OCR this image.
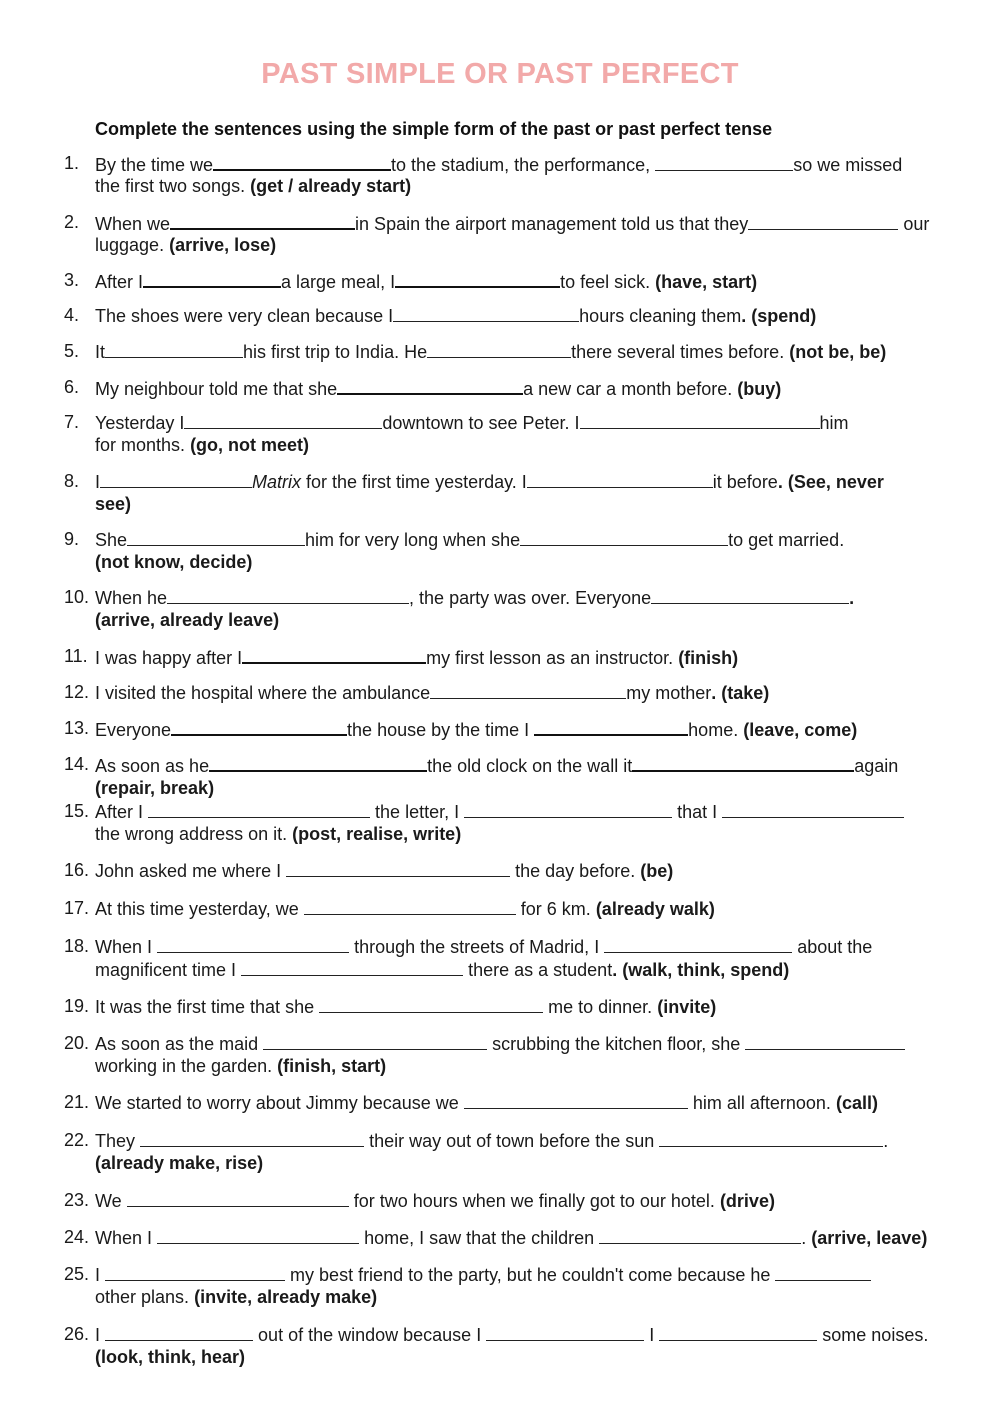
PAST SIMPLE OR PAST PERFECT
Complete the sentences using the simple form of the past or past perfect tense
1. By the time we	to the stadium, the performance,	so we missed
the first two songs. (get / already start)
2. When we	in Spain the airport management told us that they	our
luggage. (arrive, lose)
3. After I	a large meal, I	to feel sick. (have, start)
4. The shoes were very clean because I	hours cleaning them. (spend)
5. It	his first trip to India. He	there several times before. (not be, be)
6. My neighbour told me that she	a new car a month before. (buy)
7. Yesterday I	downtown to see Peter. I	him
for months. (go, not meet)
8. I	Matrix for the first time yesterday. I	it before. (See, never
see)
9. She	him for very long when she	to get married.
(not know, decide)
10. When he	, the party was over. Everyone	.
(arrive, already leave)
11. I was happy after I	my first lesson as an instructor. (finish)
12. I visited the hospital where the ambulance	my mother. (take)
13. Everyone	the house by the time I	home. (leave, come)
14. As soon as he	the old clock on the wall it	again
(repair, break)
15. After I	the letter, I	that I
the wrong address on it. (post, realise, write)
16. John asked me where I	the day before. (be)
17. At this time yesterday, we	for 6 km. (already walk)
18. When I	through the streets of Madrid, I	about the
magnificent time I	there as a student. (walk, think, spend)
19. It was the first time that she	me to dinner. (invite)
20. As soon as the maid	scrubbing the kitchen floor, she
working in the garden. (finish, start)
21. We started to worry about Jimmy because we	him all afternoon. (call)
22. They	their way out of town before the sun	.
(already make, rise)
23. We	for two hours when we finally got to our hotel. (drive)
24. When I	home, I saw that the children	. (arrive, leave)
25. I	my best friend to the party, but he couldn't come because he
other plans. (invite, already make)
26. I	out of the window because I	I	some noises.
(look, think, hear)
